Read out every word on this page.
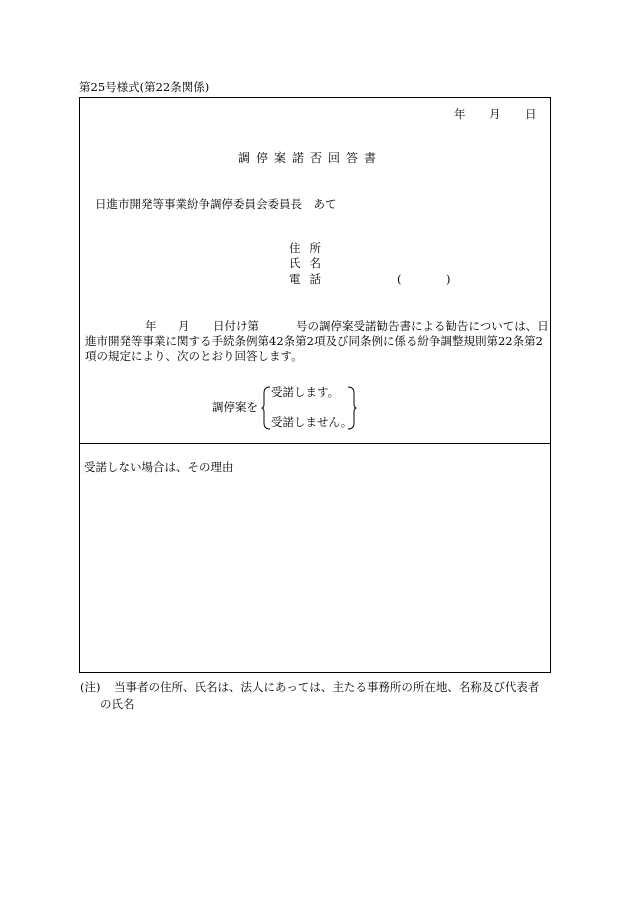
第25号様式(第22条関係)
年 月 日
調停案諾否回答書
日進市開発等事業紛争調停委員会委員長　あて
住所
氏名
電話	(	)
年 月 日付け第	号の調停案受諾勧告書による勧告については、日
進市開発等事業に関する手続条例第42条第2項及び同条例に係る紛争調整規則第22条第2
項の規定により、次のとおり回答します。
調停案を
受諾します。
受諾しません。
受諾しない場合は、その理由
(注) 当事者の住所、氏名は、法人にあっては、主たる事務所の所在地、名称及び代表者
の氏名
